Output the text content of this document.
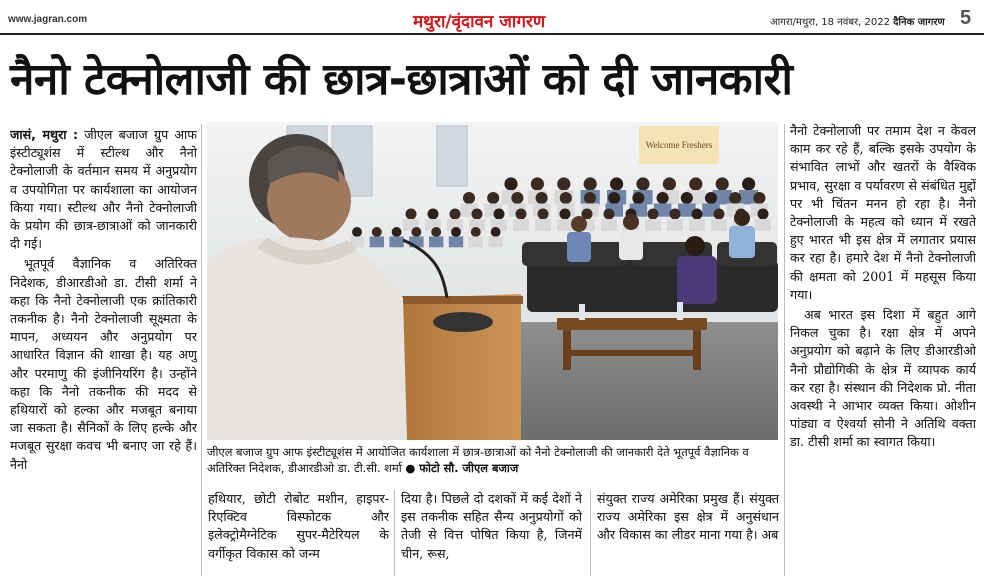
www.jagran.com	मथुरा/वृंदावन जागरण	आगरा/मथुरा, 18 नवंबर, 2022 दैनिक जागरण 5
नैनो टेक्नोलाजी की छात्र-छात्राओं को दी जानकारी

जासं, मथुरा : जीएल बजाज ग्रुप आफ इंस्टीट्यूशंस में स्टील्थ और नैनो टेक्नोलाजी के वर्तमान समय में अनुप्रयोग व उपयोगिता पर कार्यशाला का आयोजन किया गया। स्टील्थ और नैनो टेक्नोलाजी के प्रयोग की छात्र-छात्राओं को जानकारी दी गई।

भूतपूर्व वैज्ञानिक व अतिरिक्त निदेशक, डीआरडीओ डा. टीसी शर्मा ने कहा कि नैनो टेक्नोलाजी एक क्रांतिकारी तकनीक है। नैनो टेक्नोलाजी सूक्ष्मता के मापन, अध्ययन और अनुप्रयोग पर आधारित विज्ञान की शाखा है। यह अणु और परमाणु की इंजीनियरिंग है। उन्होंने कहा कि नैनो तकनीक की मदद से हथियारों को हल्का और मजबूत बनाया जा सकता है। सैनिकों के लिए हल्के और मजबूत सुरक्षा कवच भी बनाए जा रहे हैं। नैनो

Welcome Freshers
जीएल बजाज ग्रुप आफ इंस्टीट्यूशंस में आयोजित कार्यशाला में छात्र-छात्राओं को नैनो टेक्नोलाजी की जानकारी देते भूतपूर्व वैज्ञानिक व अतिरिक्त निदेशक, डीआरडीओ डा. टी.सी. शर्मा ● फोटो सौ. जीएल बजाज

हथियार, छोटी रोबोट मशीन, हाइपर-रिएक्टिव विस्फोटक और इलेक्ट्रोमैग्नेटिक सुपर-मैटेरियल के वर्गीकृत विकास को जन्म

दिया है। पिछले दो दशकों में कई देशों ने इस तकनीक सहित सैन्य अनुप्रयोगों को तेजी से वित्त पोषित किया है, जिनमें चीन, रूस,

संयुक्त राज्य अमेरिका प्रमुख हैं। संयुक्त राज्य अमेरिका इस क्षेत्र में अनुसंधान और विकास का लीडर माना गया है। अब

नैनो टेक्नोलाजी पर तमाम देश न केवल काम कर रहे हैं, बल्कि इसके उपयोग के संभावित लाभों और खतरों के वैश्विक प्रभाव, सुरक्षा व पर्यावरण से संबंधित मुद्दों पर भी चिंतन मनन हो रहा है। नैनो टेक्नोलाजी के महत्व को ध्यान में रखते हुए भारत भी इस क्षेत्र में लगातार प्रयास कर रहा है। हमारे देश में नैनो टेक्नोलाजी की क्षमता को 2001 में महसूस किया गया।

अब भारत इस दिशा में बहुत आगे निकल चुका है। रक्षा क्षेत्र में अपने अनुप्रयोग को बढ़ाने के लिए डीआरडीओ नैनो प्रौद्योगिकी के क्षेत्र में व्यापक कार्य कर रहा है। संस्थान की निदेशक प्रो. नीता अवस्थी ने आभार व्यक्त किया। ओशीन पांड्या व ऐश्वर्या सोनी ने अतिथि वक्ता डा. टीसी शर्मा का स्वागत किया।
